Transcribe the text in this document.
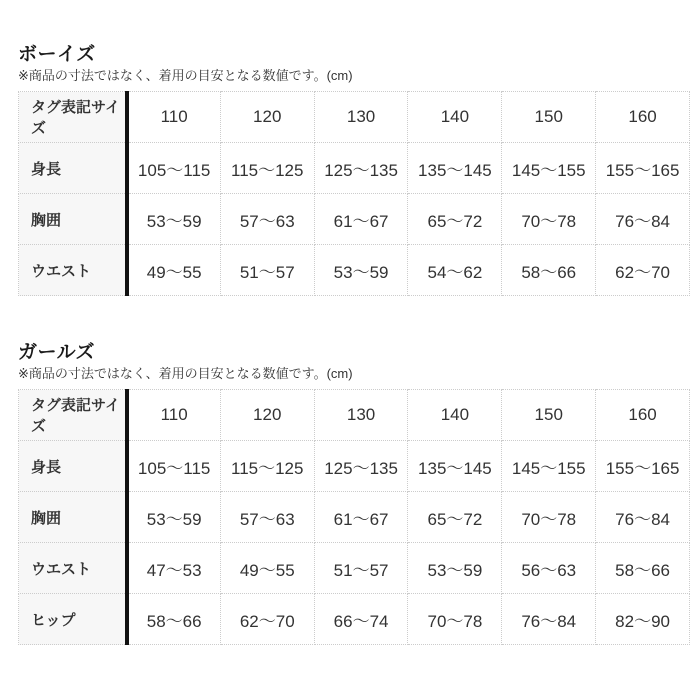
ボーイズ

※商品の寸法ではなく、着用の目安となる数値です。(cm)

タグ表記サイズ	110	120	130	140	150	160
身長	105～115	115～125	125～135	135～145	145～155	155～165
胸囲	53～59	57～63	61～67	65～72	70～78	76～84
ウエスト	49～55	51～57	53～59	54～62	58～66	62～70
ガールズ

※商品の寸法ではなく、着用の目安となる数値です。(cm)

タグ表記サイズ	110	120	130	140	150	160
身長	105～115	115～125	125～135	135～145	145～155	155～165
胸囲	53～59	57～63	61～67	65～72	70～78	76～84
ウエスト	47～53	49～55	51～57	53～59	56～63	58～66
ヒップ	58～66	62～70	66～74	70～78	76～84	82～90
